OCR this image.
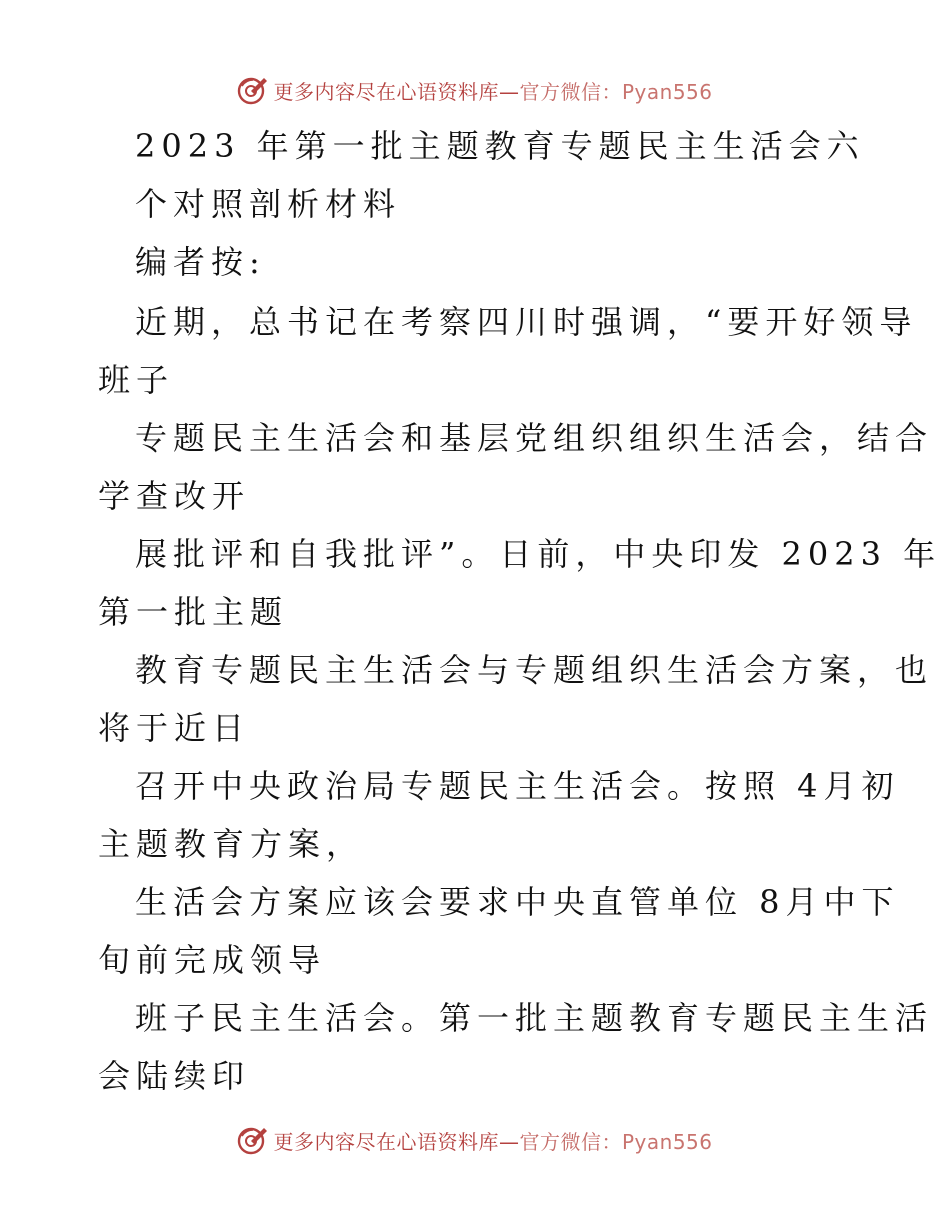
更多内容尽在心语资料库—官方微信：Pyan556
2023 年第一批主题教育专题民主生活会六
个对照剖析材料
编者按:
近期，总书记在考察四川时强调，“要开好领导
班子
专题民主生活会和基层党组织组织生活会，结合
学查改开
展批评和自我批评”。日前，中央印发 2023 年
第一批主题
教育专题民主生活会与专题组织生活会方案，也
将于近日
召开中央政治局专题民主生活会。按照 4月初
主题教育方案，
生活会方案应该会要求中央直管单位 8月中下
旬前完成领导
班子民主生活会。第一批主题教育专题民主生活
会陆续印
更多内容尽在心语资料库—官方微信：Pyan556
